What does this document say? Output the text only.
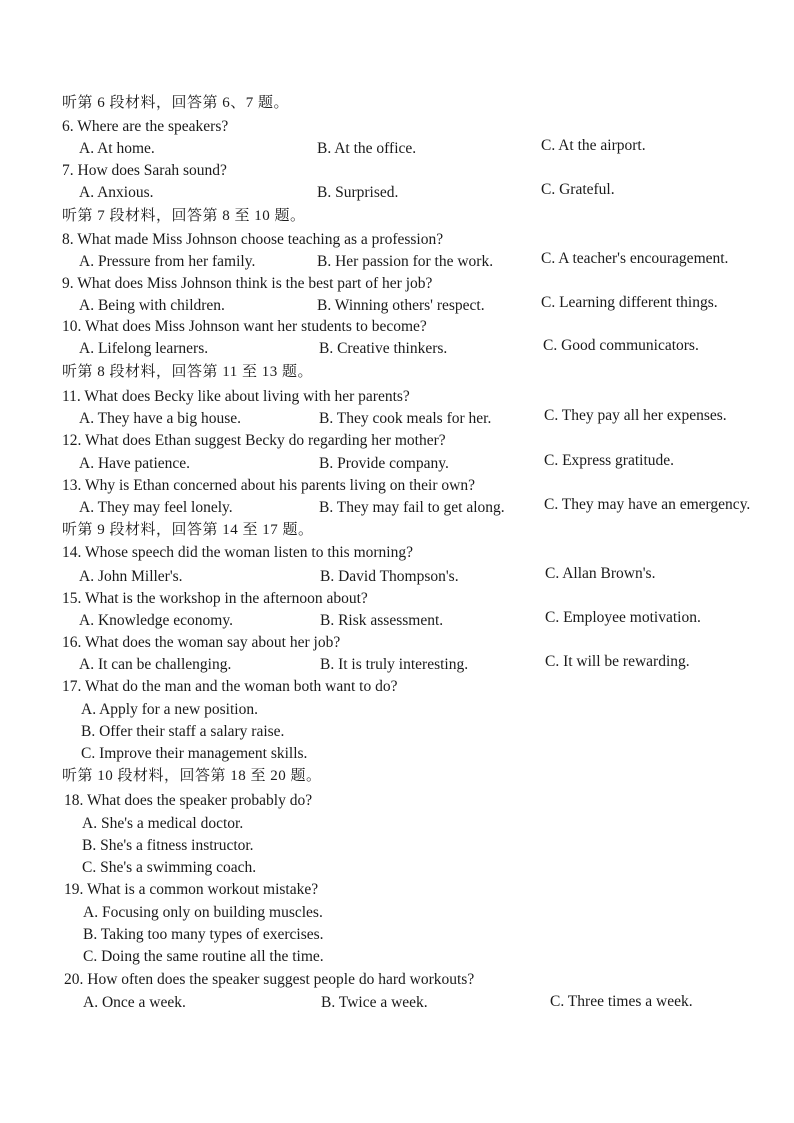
听第 6 段材料，回答第 6、7 题。
6. Where are the speakers?
A. At home.	B. At the office.	C. At the airport.
7. How does Sarah sound?
A. Anxious.	B. Surprised.	C. Grateful.
听第 7 段材料，回答第 8 至 10 题。
8. What made Miss Johnson choose teaching as a profession?
A. Pressure from her family.	B. Her passion for the work.	C. A teacher's encouragement.
9. What does Miss Johnson think is the best part of her job?
A. Being with children.	B. Winning others' respect.	C. Learning different things.
10. What does Miss Johnson want her students to become?
A. Lifelong learners.	B. Creative thinkers.	C. Good communicators.
听第 8 段材料，回答第 11 至 13 题。
11. What does Becky like about living with her parents?
A. They have a big house.	B. They cook meals for her.	C. They pay all her expenses.
12. What does Ethan suggest Becky do regarding her mother?
A. Have patience.	B. Provide company.	C. Express gratitude.
13. Why is Ethan concerned about his parents living on their own?
A. They may feel lonely.	B. They may fail to get along.	C. They may have an emergency.
听第 9 段材料，回答第 14 至 17 题。
14. Whose speech did the woman listen to this morning?
A. John Miller's.	B. David Thompson's.	C. Allan Brown's.
15. What is the workshop in the afternoon about?
A. Knowledge economy.	B. Risk assessment.	C. Employee motivation.
16. What does the woman say about her job?
A. It can be challenging.	B. It is truly interesting.	C. It will be rewarding.
17. What do the man and the woman both want to do?
A. Apply for a new position.
B. Offer their staff a salary raise.
C. Improve their management skills.
听第 10 段材料，回答第 18 至 20 题。
18. What does the speaker probably do?
A. She's a medical doctor.
B. She's a fitness instructor.
C. She's a swimming coach.
19. What is a common workout mistake?
A. Focusing only on building muscles.
B. Taking too many types of exercises.
C. Doing the same routine all the time.
20. How often does the speaker suggest people do hard workouts?
A. Once a week.	B. Twice a week.	C. Three times a week.
